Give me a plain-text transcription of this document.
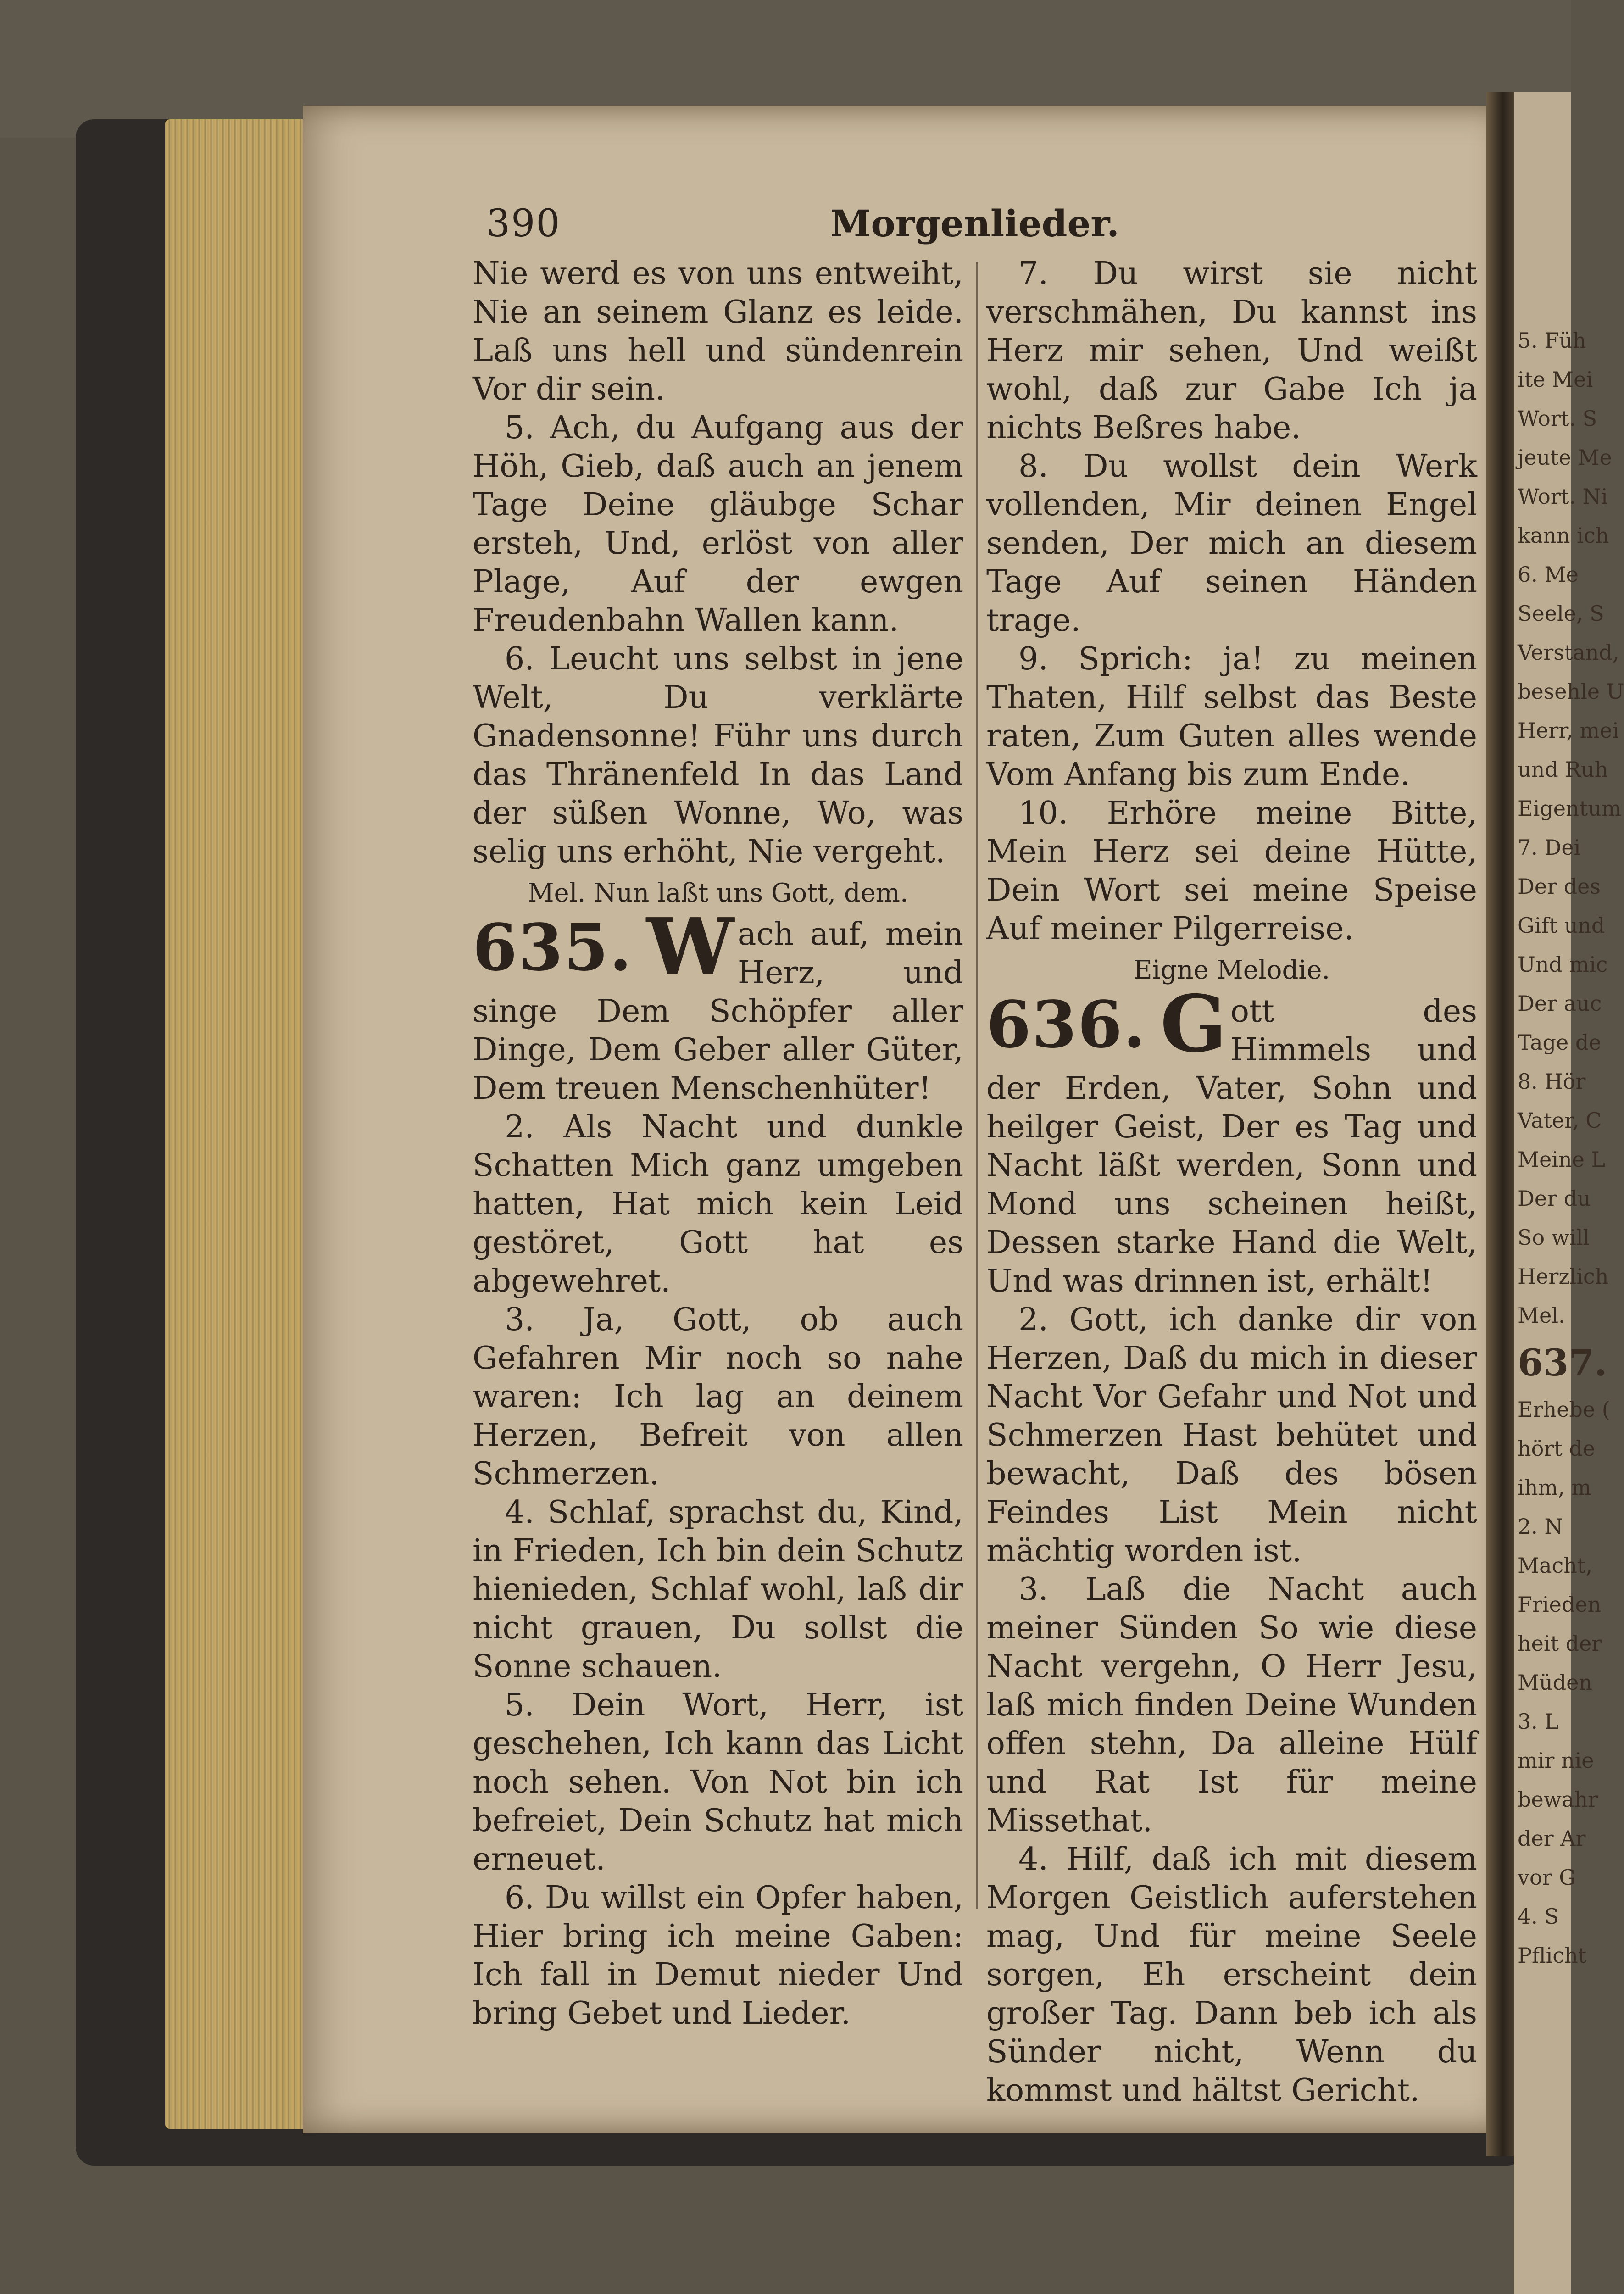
390	Morgenlieder.

Nie werd es von uns entweiht, Nie an seinem Glanz es leide. Laß uns hell und sündenrein Vor dir sein.

5. Ach, du Aufgang aus der Höh, Gieb, daß auch an jenem Tage Deine gläubge Schar ersteh, Und, erlöst von aller Plage, Auf der ewgen Freudenbahn Wallen kann.

6. Leucht uns selbst in jene Welt, Du verklärte Gnadensonne! Führ uns durch das Thränenfeld In das Land der süßen Wonne, Wo, was selig uns erhöht, Nie vergeht.

Mel. Nun laßt uns Gott, dem.

635. W ach auf, mein Herz, und singe Dem Schöpfer aller Dinge, Dem Geber aller Güter, Dem treuen Menschenhüter!

2. Als Nacht und dunkle Schatten Mich ganz umgeben hatten, Hat mich kein Leid gestöret, Gott hat es abgewehret.

3. Ja, Gott, ob auch Gefahren Mir noch so nahe waren: Ich lag an deinem Herzen, Befreit von allen Schmerzen.

4. Schlaf, sprachst du, Kind, in Frieden, Ich bin dein Schutz hienieden, Schlaf wohl, laß dir nicht grauen, Du sollst die Sonne schauen.

5. Dein Wort, Herr, ist geschehen, Ich kann das Licht noch sehen. Von Not bin ich befreiet, Dein Schutz hat mich erneuet.

6. Du willst ein Opfer haben, Hier bring ich meine Gaben: Ich fall in Demut nieder Und bring Gebet und Lieder.

7. Du wirst sie nicht verschmähen, Du kannst ins Herz mir sehen, Und weißt wohl, daß zur Gabe Ich ja nichts Beßres habe.

8. Du wollst dein Werk vollenden, Mir deinen Engel senden, Der mich an diesem Tage Auf seinen Händen trage.

9. Sprich: ja! zu meinen Thaten, Hilf selbst das Beste raten, Zum Guten alles wende Vom Anfang bis zum Ende.

10. Erhöre meine Bitte, Mein Herz sei deine Hütte, Dein Wort sei meine Speise Auf meiner Pilgerreise.

Eigne Melodie.

636. G ott des Himmels und der Erden, Vater, Sohn und heilger Geist, Der es Tag und Nacht läßt werden, Sonn und Mond uns scheinen heißt, Dessen starke Hand die Welt, Und was drinnen ist, erhält!

2. Gott, ich danke dir von Herzen, Daß du mich in dieser Nacht Vor Gefahr und Not und Schmerzen Hast behütet und bewacht, Daß des bösen Feindes List Mein nicht mächtig worden ist.

3. Laß die Nacht auch meiner Sünden So wie diese Nacht vergehn, O Herr Jesu, laß mich finden Deine Wunden offen stehn, Da alleine Hülf und Rat Ist für meine Missethat.

4. Hilf, daß ich mit diesem Morgen Geistlich auferstehen mag, Und für meine Seele sorgen, Eh erscheint dein großer Tag. Dann beb ich als Sünder nicht, Wenn du kommst und hältst Gericht.

5. Füh
ite Mei
Wort. S
jeute Me
Wort. Ni
kann ich
6. Me
Seele, S
Verstand,
besehle U
Herr, mei
und Ruh
Eigentum
7. Dei
Der des
Gift und
Und mic
Der auc
Tage de
8. Hör
Vater, C
Meine L
Der du
So will
Herzlich
Mel.
637.
Erhebe (
hört de
ihm, m
2. N
Macht,
Frieden
heit der
Müden
3. L
mir nie
bewahr
der Ar
vor G
4. S
Pflicht
